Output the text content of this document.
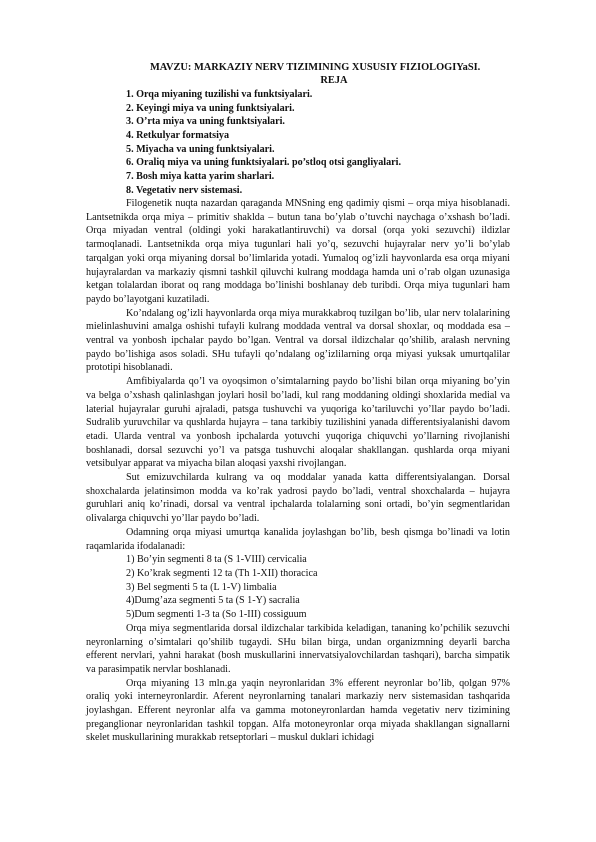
MAVZU: MARKAZIY NERV TIZIMINING XUSUSIY FIZIOLOGIYaSI.
REJA
1. Orqa miyaning tuzilishi va funktsiyalari.
2. Keyingi miya va uning funktsiyalari.
3. O’rta miya va uning funktsiyalari.
4. Retkulyar formatsiya
5. Miyacha va uning funktsiyalari.
6. Oraliq miya va uning funktsiyalari. po’stloq otsi gangliyalari.
7. Bosh miya katta yarim sharlari.
8. Vegetativ nerv sistemasi.

Filogenetik nuqta nazardan qaraganda MNSning eng qadimiy qismi – orqa miya hisoblanadi. Lantsetnikda orqa miya – primitiv shaklda – butun tana bo’ylab o’tuvchi naychaga o’xshash bo’ladi. Orqa miyadan ventral (oldingi yoki harakatlantiruvchi) va dorsal (orqa yoki sezuvchi) ildizlar tarmoqlanadi. Lantsetnikda orqa miya tugunlari hali yo’q, sezuvchi hujayralar nerv yo’li bo’ylab tarqalgan yoki orqa miyaning dorsal bo’limlarida yotadi. Yumaloq og’izli hayvonlarda esa orqa miyani hujayralardan va markaziy qismni tashkil qiluvchi kulrang moddaga hamda uni o’rab olgan uzunasiga ketgan tolalardan iborat oq rang moddaga bo’linishi boshlanay deb turibdi. Orqa miya tugunlari ham paydo bo’layotgani kuzatiladi.

Ko’ndalang og’izli hayvonlarda orqa miya murakkabroq tuzilgan bo’lib, ular nerv tolalarining mielinlashuvini amalga oshishi tufayli kulrang moddada ventral va dorsal shoxlar, oq moddada esa – ventral va yonbosh ipchalar paydo bo’lgan. Ventral va dorsal ildizchalar qo’shilib, aralash nervning paydo bo’lishiga asos soladi. SHu tufayli qo’ndalang og’izlilarning orqa miyasi yuksak umurtqalilar prototipi hisoblanadi.

Amfibiyalarda qo’l va oyoqsimon o’simtalarning paydo bo’lishi bilan orqa miyaning bo’yin va belga o’xshash qalinlashgan joylari hosil bo’ladi, kul rang moddaning oldingi shoxlarida medial va laterial hujayralar guruhi ajraladi, patsga tushuvchi va yuqoriga ko’tariluvchi yo’llar paydo bo’ladi. Sudralib yuruvchilar va qushlarda hujayra – tana tarkibiy tuzilishini yanada differentsiyalanishi davom etadi. Ularda ventral va yonbosh ipchalarda yotuvchi yuqoriga chiquvchi yo’llarning rivojlanishi boshlanadi, dorsal sezuvchi yo’l va patsga tushuvchi aloqalar shakllangan. qushlarda orqa miyani vetsibulyar apparat va miyacha bilan aloqasi yaxshi rivojlangan.

Sut emizuvchilarda kulrang va oq moddalar yanada katta differentsiyalangan. Dorsal shoxchalarda jelatinsimon modda va ko’rak yadrosi paydo bo’ladi, ventral shoxchalarda – hujayra guruhlari aniq ko’rinadi, dorsal va ventral ipchalarda tolalarning soni ortadi, bo’yin segmentlaridan olivalarga chiquvchi yo’llar paydo bo’ladi.

Odamning orqa miyasi umurtqa kanalida joylashgan bo’lib, besh qismga bo’linadi va lotin raqamlarida ifodalanadi:

1) Bo’yin segmenti 8 ta (S 1-VIII) cervicalia

2) Ko’krak segmenti 12 ta (Th 1-XII) thoracica

3) Bel segmenti 5 ta (L 1-V) limbalia

4)Dumg’aza segmenti 5 ta (S 1-Y) sacralia

5)Dum segmenti 1-3 ta (So 1-III) cossiguum

Orqa miya segmentlarida dorsal ildizchalar tarkibida keladigan, tananing ko’pchilik sezuvchi neyronlarning o’simtalari qo’shilib tugaydi. SHu bilan birga, undan organizmning deyarli barcha efferent nervlari, yahni harakat (bosh muskullarini innervatsiyalovchilardan tashqari), barcha simpatik va parasimpatik nervlar boshlanadi.

Orqa miyaning 13 mln.ga yaqin neyronlaridan 3% efferent neyronlar bo’lib, qolgan 97% oraliq yoki interneyronlardir. Aferent neyronlarning tanalari markaziy nerv sistemasidan tashqarida joylashgan. Efferent neyronlar alfa va gamma motoneyronlardan hamda vegetativ nerv tizimining preganglionar neyronlaridan tashkil topgan. Alfa motoneyronlar orqa miyada shakllangan signallarni skelet muskullarining murakkab retseptorlari – muskul duklari ichidagi
